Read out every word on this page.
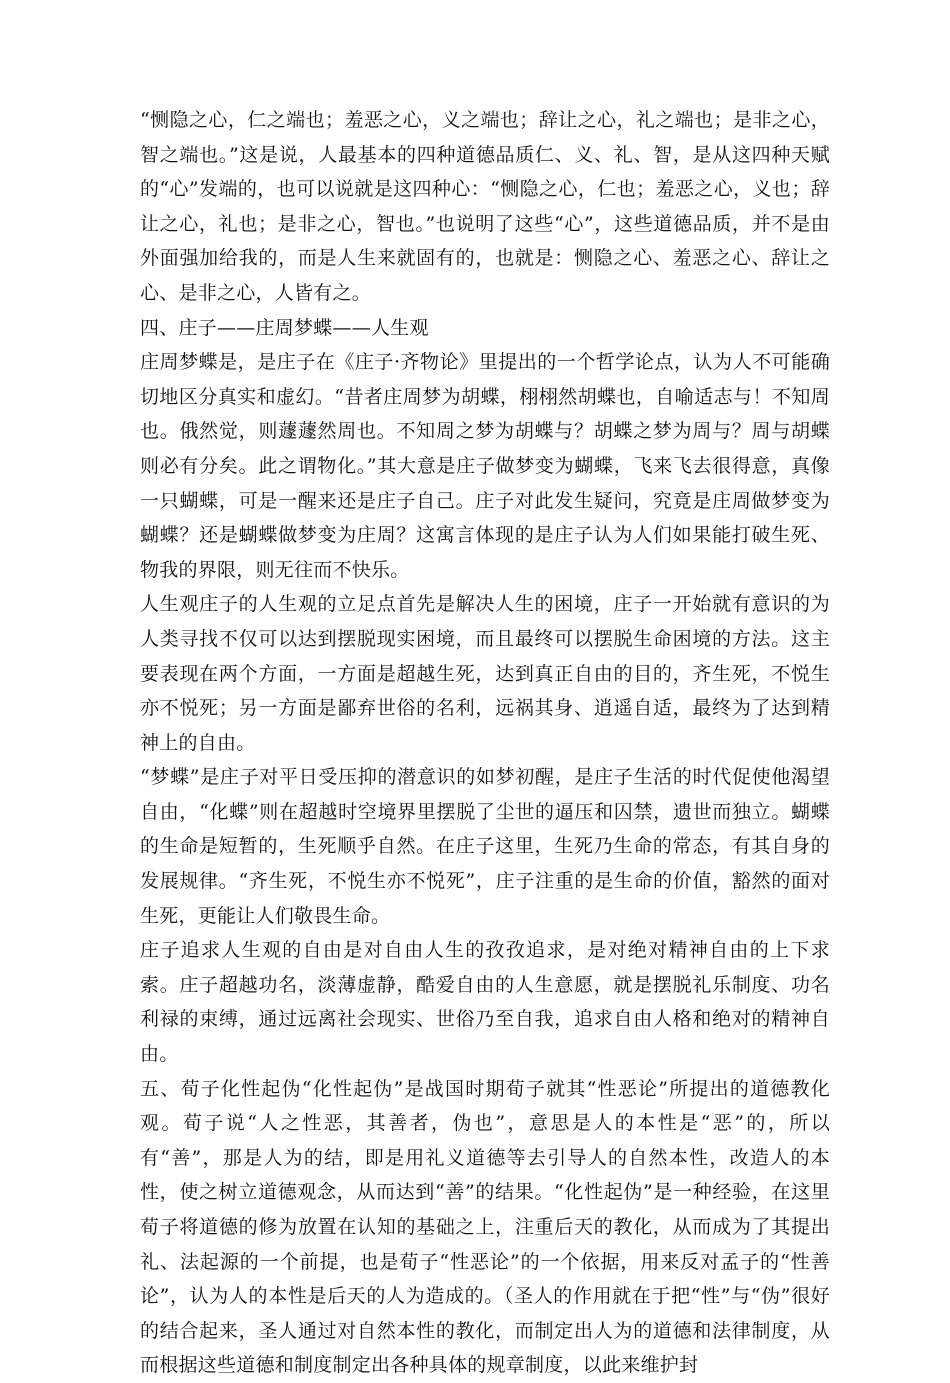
“恻隐之心，仁之端也；羞恶之心，义之端也；辞让之心，礼之端也；是非之心，智之端也。”这是说，人最基本的四种道德品质仁、义、礼、智，是从这四种天赋的“心”发端的，也可以说就是这四种心：“恻隐之心，仁也；羞恶之心，义也；辞让之心，礼也；是非之心，智也。”也说明了这些“心”，这些道德品质，并不是由外面强加给我的，而是人生来就固有的，也就是：恻隐之心、羞恶之心、辞让之心、是非之心，人皆有之。

四、庄子——庄周梦蝶——人生观

庄周梦蝶是，是庄子在《庄子·齐物论》里提出的一个哲学论点，认为人不可能确切地区分真实和虚幻。“昔者庄周梦为胡蝶，栩栩然胡蝶也，自喻适志与！不知周也。俄然觉，则蘧蘧然周也。不知周之梦为胡蝶与？胡蝶之梦为周与？周与胡蝶则必有分矣。此之谓物化。”其大意是庄子做梦变为蝴蝶，飞来飞去很得意，真像一只蝴蝶，可是一醒来还是庄子自己。庄子对此发生疑问，究竟是庄周做梦变为蝴蝶？还是蝴蝶做梦变为庄周？这寓言体现的是庄子认为人们如果能打破生死、物我的界限，则无往而不快乐。

人生观庄子的人生观的立足点首先是解决人生的困境，庄子一开始就有意识的为人类寻找不仅可以达到摆脱现实困境，而且最终可以摆脱生命困境的方法。这主要表现在两个方面，一方面是超越生死，达到真正自由的目的，齐生死，不悦生亦不悦死；另一方面是鄙弃世俗的名利，远祸其身、逍遥自适，最终为了达到精神上的自由。

“梦蝶”是庄子对平日受压抑的潜意识的如梦初醒，是庄子生活的时代促使他渴望自由，“化蝶”则在超越时空境界里摆脱了尘世的逼压和囚禁，遗世而独立。蝴蝶的生命是短暂的，生死顺乎自然。在庄子这里，生死乃生命的常态，有其自身的发展规律。“齐生死，不悦生亦不悦死”，庄子注重的是生命的价值，豁然的面对生死，更能让人们敬畏生命。

庄子追求人生观的自由是对自由人生的孜孜追求，是对绝对精神自由的上下求索。庄子超越功名，淡薄虚静，酷爱自由的人生意愿，就是摆脱礼乐制度、功名利禄的束缚，通过远离社会现实、世俗乃至自我，追求自由人格和绝对的精神自由。

五、荀子化性起伪“化性起伪”是战国时期荀子就其“性恶论”所提出的道德教化观。荀子说“人之性恶，其善者，伪也”，意思是人的本性是“恶”的，所以有“善”，那是人为的结，即是用礼义道德等去引导人的自然本性，改造人的本性，使之树立道德观念，从而达到“善”的结果。“化性起伪”是一种经验，在这里荀子将道德的修为放置在认知的基础之上，注重后天的教化，从而成为了其提出礼、法起源的一个前提，也是荀子“性恶论”的一个依据，用来反对孟子的“性善论”，认为人的本性是后天的人为造成的。（圣人的作用就在于把“性”与“伪”很好的结合起来，圣人通过对自然本性的教化，而制定出人为的道德和法律制度，从而根据这些道德和制度制定出各种具体的规章制度，以此来维护封
